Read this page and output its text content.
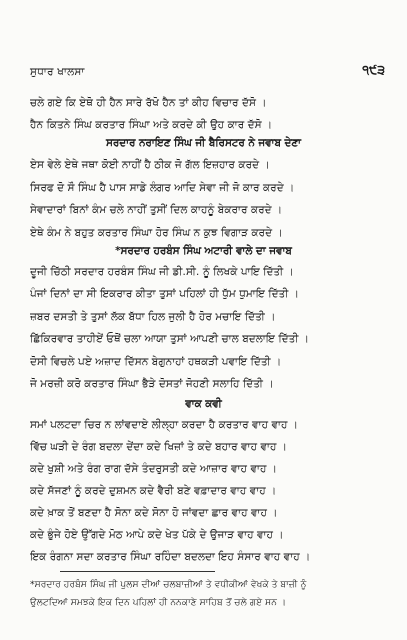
ਸੁਧਾਰ ਖਾਲਸਾ	੧੯੩
ਚਲੇ ਗਏ ਕਿ ਏਥੋ ਹੀ ਹੈਨ ਸਾਰੇ ਰੱਖੋ ਹੈਨ ਤਾਂ ਕੀਹ ਵਿਚਾਰ ਦੱਸੋ ।
ਹੈਨ ਕਿਤਨੇ ਸਿੰਘ ਕਰਤਾਰ ਸਿੰਘਾ ਅਤੇ ਕਰਦੇ ਕੀ ਉਹ ਕਾਰ ਦੱਸੋ ।
ਸਰਦਾਰ ਨਰਾਇਣ ਸਿੰਘ ਜੀ ਬੈਰਿਸਟਰ ਨੇ ਜਵਾਬ ਦੇਣਾ
ਏਸ ਵੇਲੇ ਏਥੇ ਜਥਾ ਕੋਈ ਨਾਹੀਂ ਹੈ ਠੀਕ ਜੋ ਗੱਲ ਇਜ਼ਹਾਰ ਕਰਦੇ ।
ਸਿਰਫ ਦੋ ਸੌ ਸਿੰਘ ਹੈ ਪਾਸ ਸਾਡੇ ਲੰਗਰ ਆਦਿ ਸੇਵਾ ਜੀ ਜੋ ਕਾਰ ਕਰਦੇ ।
ਸੇਵਾਦਾਰਾਂ ਬਿਨਾਂ ਕੰਮ ਚਲੇ ਨਾਹੀਂ ਤੁਸੀਂ ਦਿਲ ਕਾਹਨੂੰ ਬੇਕਰਾਰ ਕਰਦੇ ।
ਏਥੇ ਕੰਮ ਨੇ ਬਹੁਤ ਕਰਤਾਰ ਸਿੰਘਾ ਹੋਰ ਸਿੰਘ ਨ ਕੁਝ ਵਿਗਾੜ ਕਰਦੇ ।
*ਸਰਦਾਰ ਹਰਬੰਸ ਸਿੰਘ ਅਟਾਰੀ ਵਾਲੇ ਦਾ ਜਵਾਬ
ਦੂਜੀ ਚਿੱਠੀ ਸਰਦਾਰ ਹਰਬੰਸ ਸਿੰਘ ਜੀ ਡੀ.ਸੀ. ਨੂੰ ਲਿਖਕੇ ਪਾਇ ਦਿੱਤੀ ।
ਪੰਜਾਂ ਦਿਨਾਂ ਦਾ ਸੀ ਇਕਰਾਰ ਕੀਤਾ ਤੁਸਾਂ ਪਹਿਲਾਂ ਹੀ ਧੁੱਮ ਧੁਮਾਇ ਦਿੱਤੀ ।
ਜ਼ਬਰ ਦਸਤੀ ਤੇ ਤੁਸਾਂ ਲੱਕ ਬੱਧਾ ਹਿਲ ਜੁਲੀ ਹੈ ਹੋਰ ਮਚਾਇ ਦਿੱਤੀ ।
ਛਿੱਕਿਰਵਾਰ ਤਾਹੀਏਂ ਓਥੋਂ ਚਲਾ ਆਯਾ ਤੁਸਾਂ ਆਪਣੀ ਚਾਲ ਬਦਲਾਇ ਦਿੱਤੀ ।
ਦੋਸੀ ਵਿਚਲੇ ਪਏ ਅਜ਼ਾਦ ਦਿੱਸਨ ਬੇਗੁਨਾਹਾਂ ਹਥਕੜੀ ਪਵਾਇ ਦਿੱਤੀ ।
ਜੋ ਮਰਜ਼ੀ ਕਰੋ ਕਰਤਾਰ ਸਿੰਘਾ ਭੈੜੇ ਦੋਸਤਾਂ ਜੋਹਣੀ ਸਲਾਹਿ ਦਿੱਤੀ ।
ਵਾਕ ਕਵੀ
ਸਮਾਂ ਪਲਟਦਾ ਚਿਰ ਨ ਲਾਂਵਦਾਏ ਲੀਲ੍ਹਾ ਕਰਦਾ ਹੈ ਕਰਤਾਰ ਵਾਹ ਵਾਹ ।
ਵਿੱਚ ਘੜੀ ਦੇ ਰੰਗ ਬਦਲਾ ਦੇਂਦਾ ਕਦੇ ਖਿਜ਼ਾਂ ਤੇ ਕਦੇ ਬਹਾਰ ਵਾਹ ਵਾਹ ।
ਕਦੇ ਖੁਸ਼ੀ ਅਤੇ ਰੰਗ ਰਾਗ ਦੱਸੇ ਤੰਦਰੁਸਤੀ ਕਦੇ ਆਜ਼ਾਰ ਵਾਹ ਵਾਹ ।
ਕਦੇ ਸੱਜਣਾਂ ਨੂੰ ਕਰਦੇ ਦੁਸ਼ਮਨ ਕਦੇ ਵੈਰੀ ਬਣੇ ਵਫ਼ਾਦਾਰ ਵਾਹ ਵਾਹ ।
ਕਦੇ ਖ਼ਾਕ ਤੋਂ ਬਣਦਾ ਹੈ ਸੋਨਾ ਕਦੇ ਸੋਨਾ ਹੋ ਜਾਂਵਦਾ ਛਾਰ ਵਾਹ ਵਾਹ ।
ਕਦੇ ਭੁੰਜੇ ਹੋਏ ਉੱਗਦੇ ਮੋਠ ਆਪੇ ਕਦੇ ਖੇਤ ਪੱਕੇ ਦੇ ਉਜਾੜ ਵਾਹ ਵਾਹ ।
ਇਕ ਰੰਗਨਾ ਸਦਾ ਕਰਤਾਰ ਸਿੰਘਾ ਰਹਿੰਦਾ ਬਦਲਦਾ ਇਹ ਸੰਸਾਰ ਵਾਹ ਵਾਹ ।
*ਸਰਦਾਰ ਹਰਬੰਸ ਸਿੰਘ ਜੀ ਪੁਲਸ ਦੀਆਂ ਚਲਬਾਜ਼ੀਆਂ ਤੇ ਵਧੀਕੀਆਂ ਵੇਖਕੇ ਤੇ ਬਾਜ਼ੀ ਨੂੰ
ਉਲਟਦਿਆਂ ਸਮਝਕੇ ਇਕ ਦਿਨ ਪਹਿਲਾਂ ਹੀ ਨਨਕਾਣੇ ਸਾਹਿਬ ਤੋਂ ਚਲੇ ਗਏ ਸਨ ।
